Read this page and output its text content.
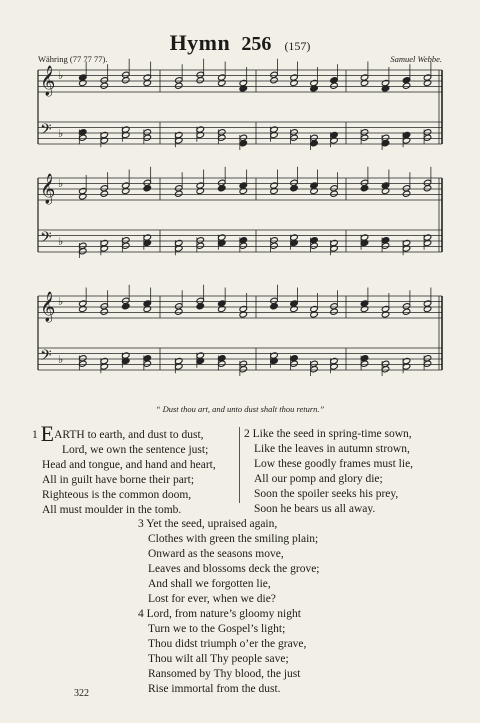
Hymn 256 (157)
Währing (77 77 77).	Samuel Webbe.
𝄞 ♭
𝄢 ♭
𝄞 ♭
𝄢 ♭
𝄞 ♭
𝄢 ♭
“ Dust thou art, and unto dust shalt thou return.”
1 EARTH to earth, and dust to dust,
Lord, we own the sentence just;
Head and tongue, and hand and heart,
All in guilt have borne their part;
Righteous is the common doom,
All must moulder in the tomb.
2 Like the seed in spring-time sown,
Like the leaves in autumn strown,
Low these goodly frames must lie,
All our pomp and glory die;
Soon the spoiler seeks his prey,
Soon he bears us all away.
3 Yet the seed, upraised again,
Clothes with green the smiling plain;
Onward as the seasons move,
Leaves and blossoms deck the grove;
And shall we forgotten lie,
Lost for ever, when we die?
4 Lord, from nature’s gloomy night
Turn we to the Gospel’s light;
Thou didst triumph o’er the grave,
Thou wilt all Thy people save;
Ransomed by Thy blood, the just
Rise immortal from the dust.
322
